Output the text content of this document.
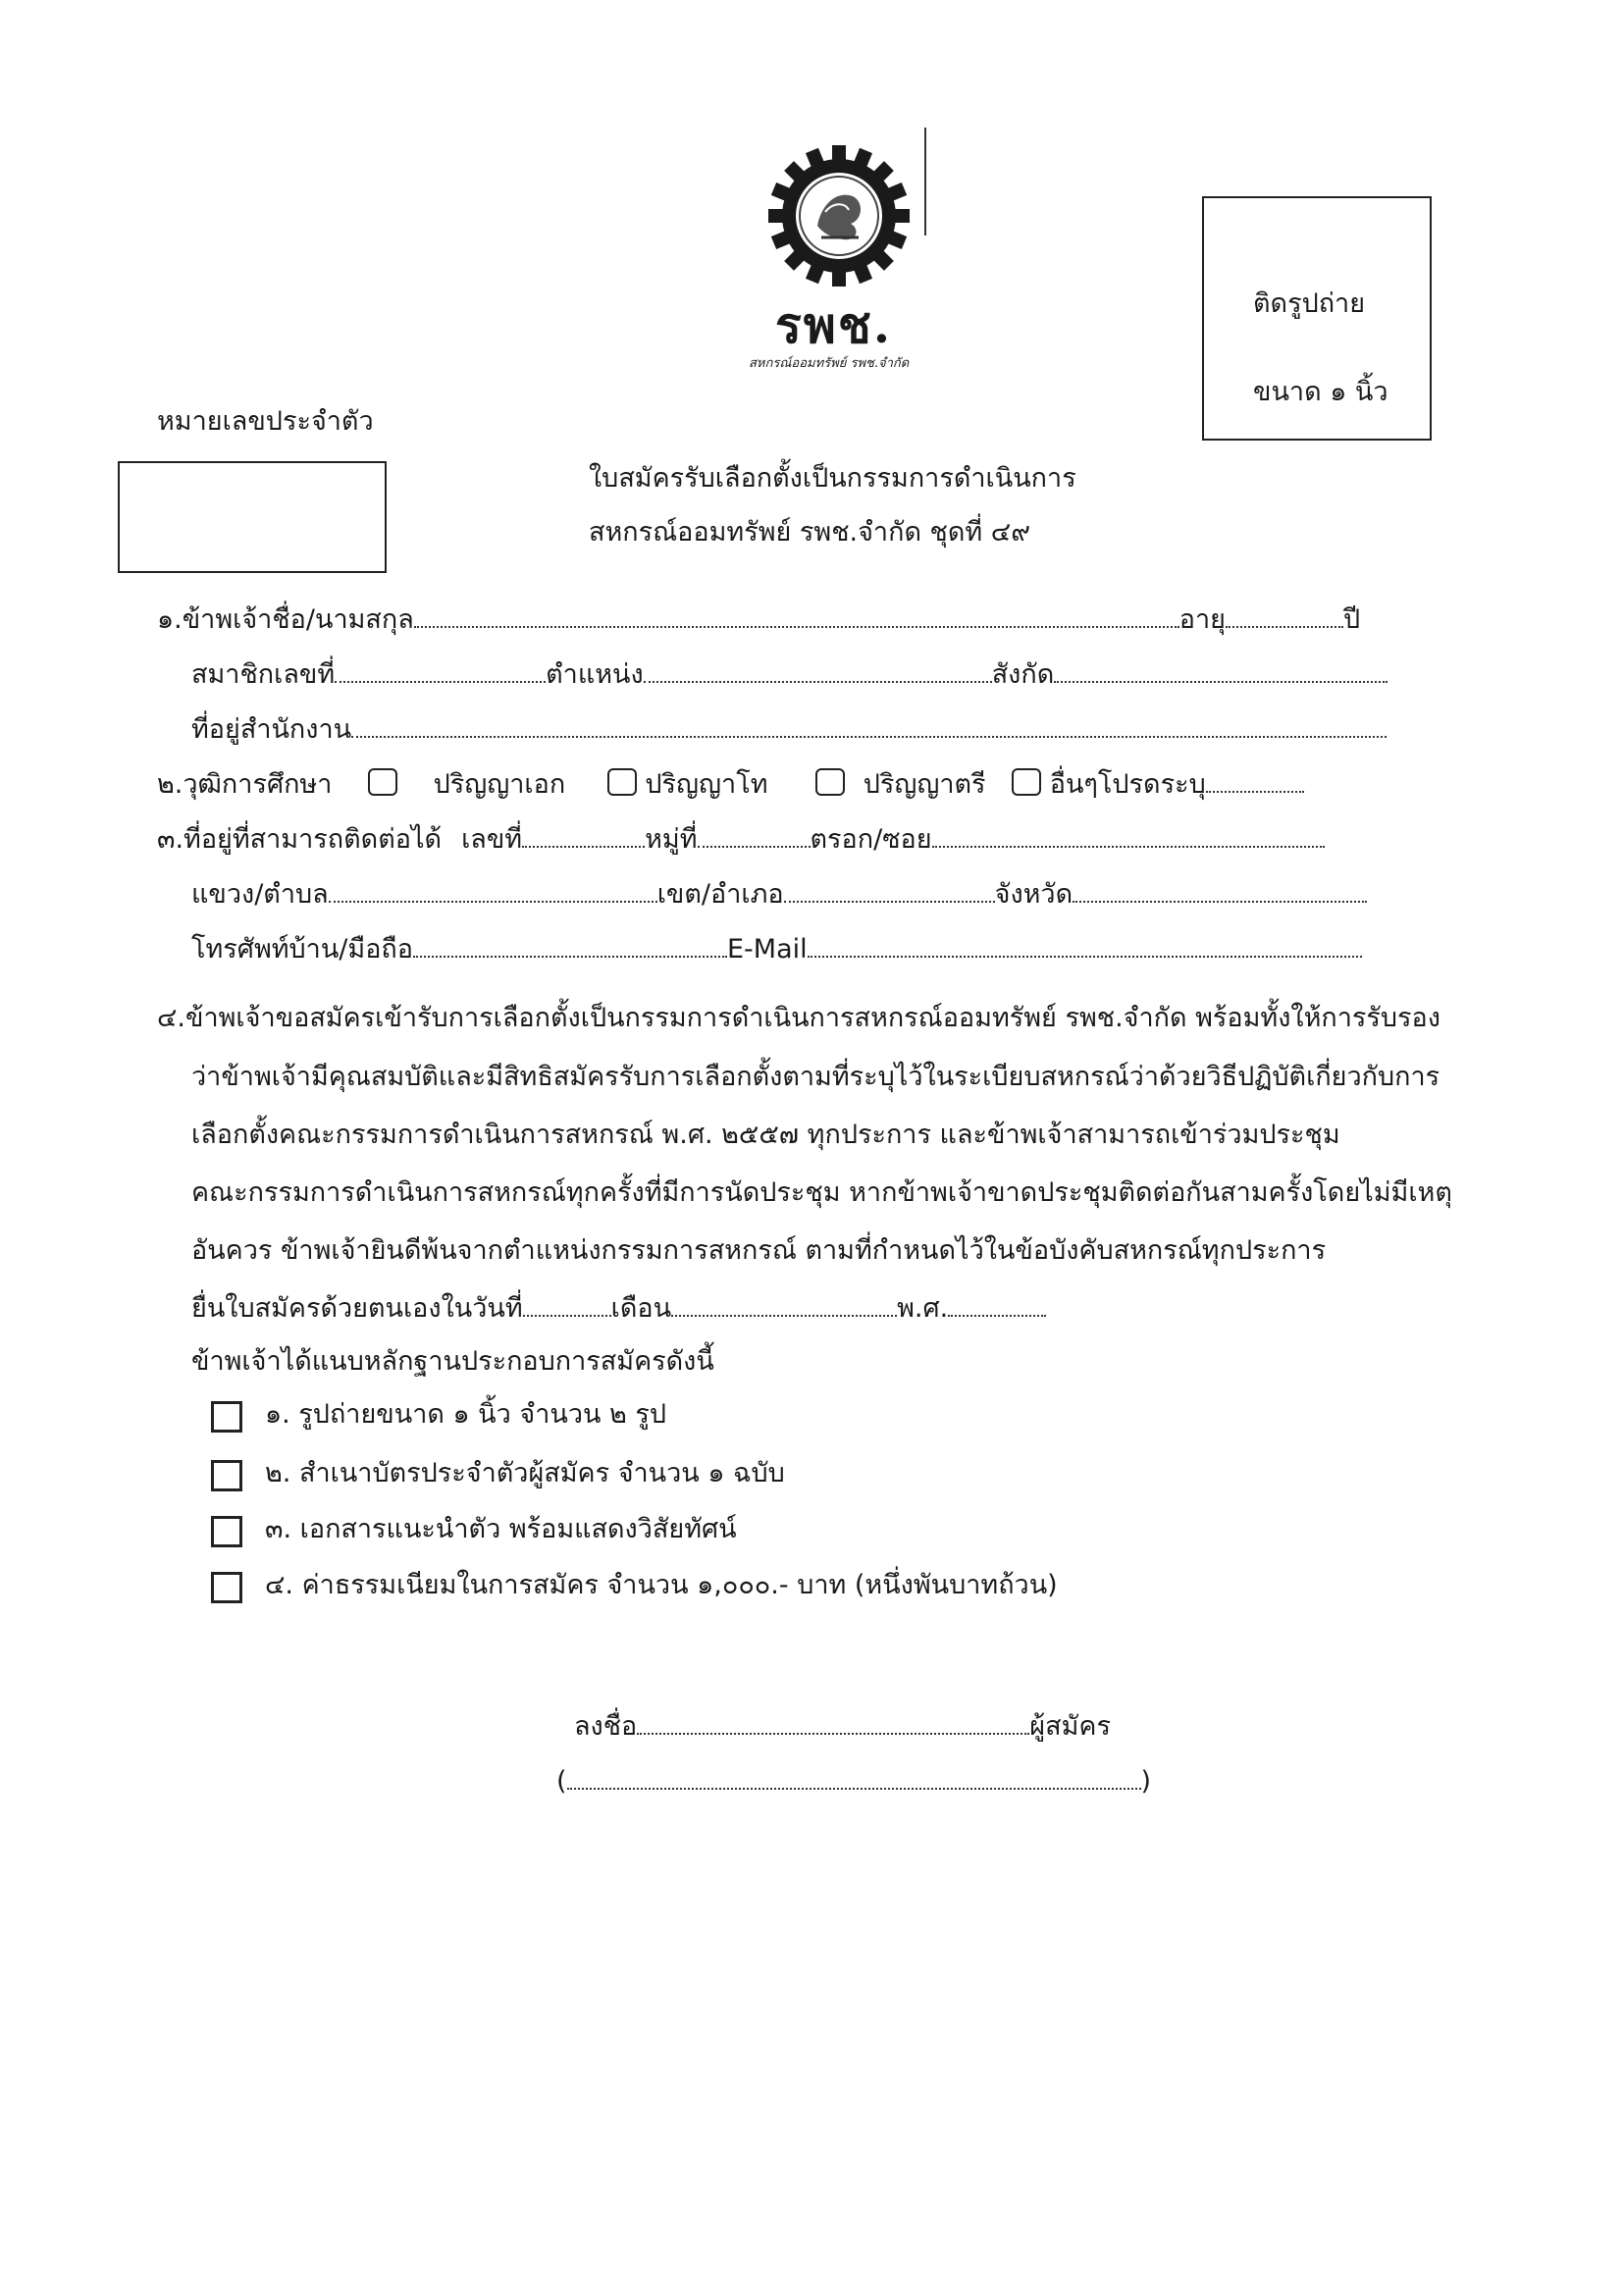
รพช.
สหกรณ์ออมทรัพย์ รพช.จำกัด
ติดรูปถ่าย
ขนาด ๑ นิ้ว
หมายเลขประจำตัว
ใบสมัครรับเลือกตั้งเป็นกรรมการดำเนินการ
สหกรณ์ออมทรัพย์ รพช.จำกัด ชุดที่ ๔๙
๑.ข้าพเจ้าชื่อ/นามสกุล	อายุ	ปี
สมาชิกเลขที่	ตำแหน่ง	สังกัด
ที่อยู่สำนักงาน
๒.วุฒิการศึกษา	ปริญญาเอก	ปริญญาโท	ปริญญาตรี อื่นๆโปรดระบุ
๓.ที่อยู่ที่สามารถติดต่อได้ เลขที่	หมู่ที่	ตรอก/ซอย
แขวง/ตำบล	เขต/อำเภอ	จังหวัด
โทรศัพท์บ้าน/มือถือ	E-Mail
๔.ข้าพเจ้าขอสมัครเข้ารับการเลือกตั้งเป็นกรรมการดำเนินการสหกรณ์ออมทรัพย์ รพช.จำกัด พร้อมทั้งให้การรับรอง
ว่าข้าพเจ้ามีคุณสมบัติและมีสิทธิสมัครรับการเลือกตั้งตามที่ระบุไว้ในระเบียบสหกรณ์ว่าด้วยวิธีปฏิบัติเกี่ยวกับการ
เลือกตั้งคณะกรรมการดำเนินการสหกรณ์ พ.ศ. ๒๕๕๗ ทุกประการ และข้าพเจ้าสามารถเข้าร่วมประชุม
คณะกรรมการดำเนินการสหกรณ์ทุกครั้งที่มีการนัดประชุม หากข้าพเจ้าขาดประชุมติดต่อกันสามครั้งโดยไม่มีเหตุ
อันควร ข้าพเจ้ายินดีพ้นจากตำแหน่งกรรมการสหกรณ์ ตามที่กำหนดไว้ในข้อบังคับสหกรณ์ทุกประการ
ยื่นใบสมัครด้วยตนเองในวันที่	เดือน	พ.ศ.
ข้าพเจ้าได้แนบหลักฐานประกอบการสมัครดังนี้
๑. รูปถ่ายขนาด ๑ นิ้ว จำนวน ๒ รูป
๒. สำเนาบัตรประจำตัวผู้สมัคร จำนวน ๑ ฉบับ
๓. เอกสารแนะนำตัว พร้อมแสดงวิสัยทัศน์
๔. ค่าธรรมเนียมในการสมัคร จำนวน ๑,๐๐๐.- บาท (หนึ่งพันบาทถ้วน)
ลงชื่อ	ผู้สมัคร
(	)
